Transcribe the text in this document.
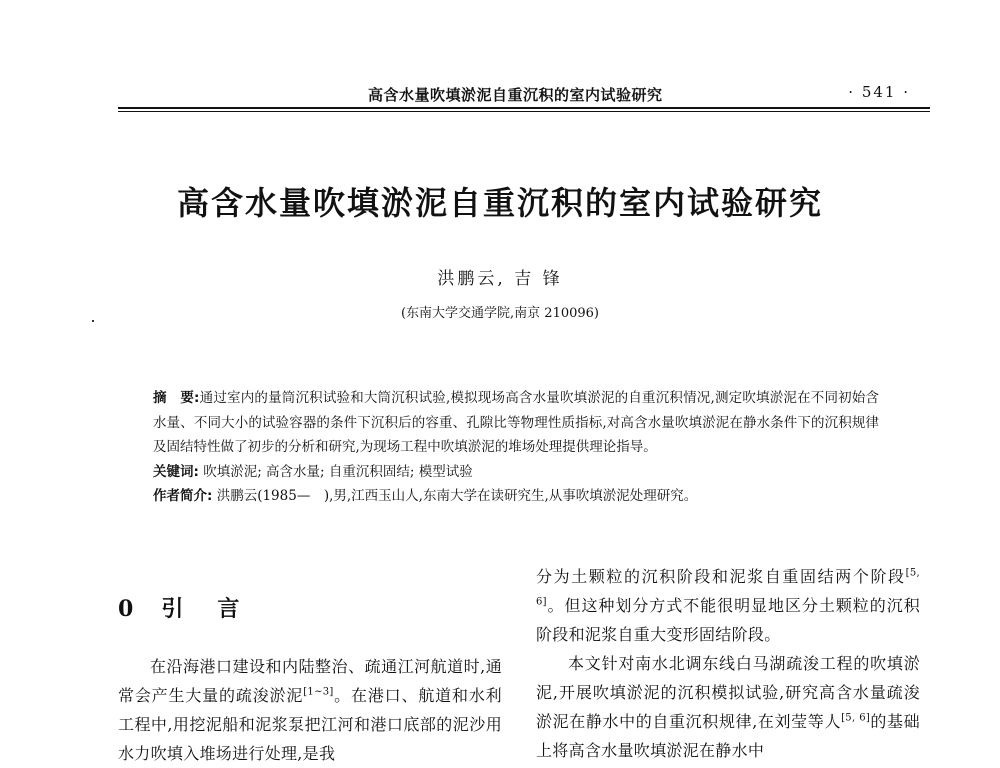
高含水量吹填淤泥自重沉积的室内试验研究	· 541 ·
高含水量吹填淤泥自重沉积的室内试验研究
洪鹏云, 吉 锋
(东南大学交通学院,南京 210096)

摘　要:通过室内的量筒沉积试验和大筒沉积试验,模拟现场高含水量吹填淤泥的自重沉积情况,测定吹填淤泥在不同初始含水量、不同大小的试验容器的条件下沉积后的容重、孔隙比等物理性质指标,对高含水量吹填淤泥在静水条件下的沉积规律及固结特性做了初步的分析和研究,为现场工程中吹填淤泥的堆场处理提供理论指导。

关键词: 吹填淤泥; 高含水量; 自重沉积固结; 模型试验

作者简介: 洪鹏云(1985—　),男,江西玉山人,东南大学在读研究生,从事吹填淤泥处理研究。

0 引　言

在沿海港口建设和内陆整治、疏通江河航道时,通常会产生大量的疏浚淤泥[1~3]。在港口、航道和水利工程中,用挖泥船和泥浆泵把江河和港口底部的泥沙用水力吹填入堆场进行处理,是我

分为土颗粒的沉积阶段和泥浆自重固结两个阶段[5, 6]。但这种划分方式不能很明显地区分土颗粒的沉积阶段和泥浆自重大变形固结阶段。

本文针对南水北调东线白马湖疏浚工程的吹填淤泥,开展吹填淤泥的沉积模拟试验,研究高含水量疏浚淤泥在静水中的自重沉积规律,在刘莹等人[5, 6]的基础上将高含水量吹填淤泥在静水中
